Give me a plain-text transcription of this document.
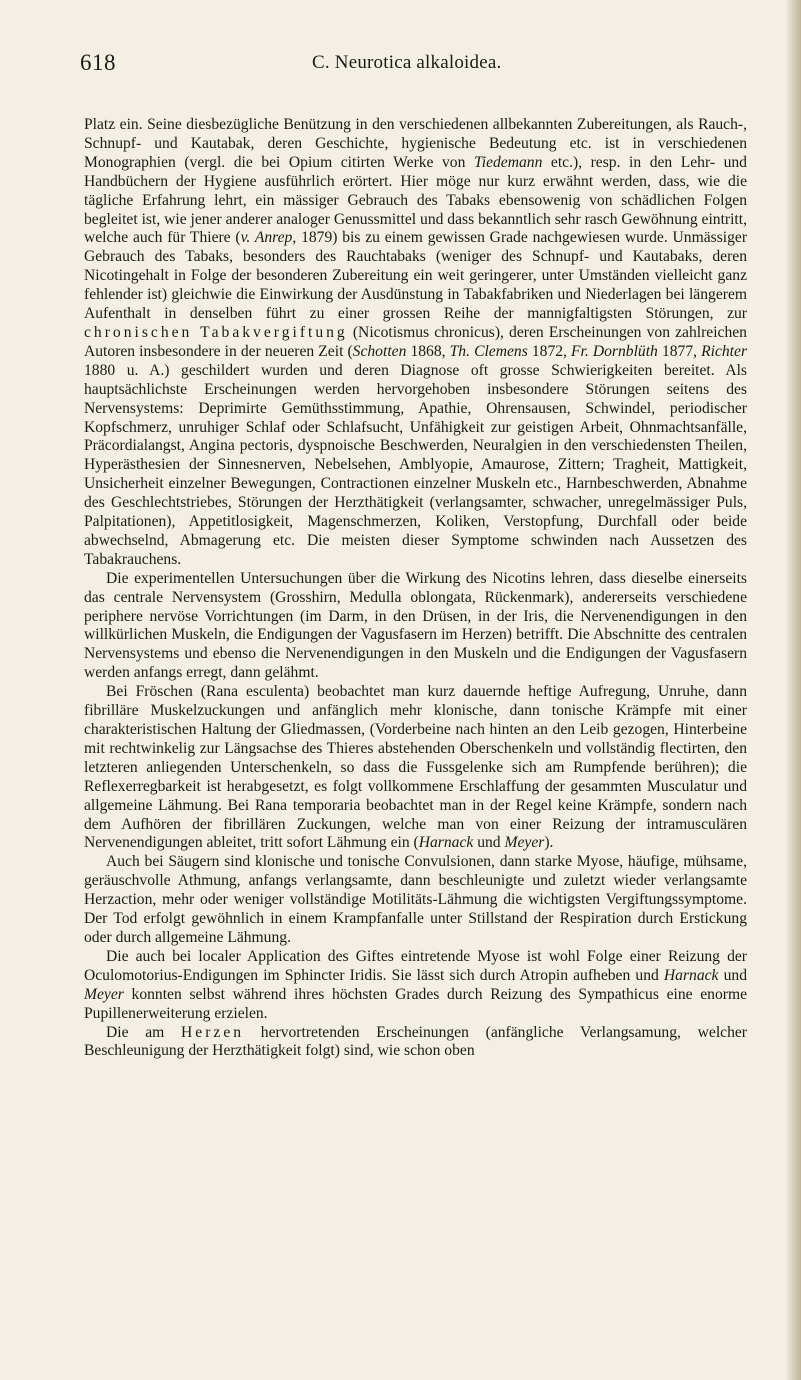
618	C. Neurotica alkaloidea.

Platz ein. Seine diesbezügliche Benützung in den verschiedenen allbekannten Zubereitungen, als Rauch-, Schnupf- und Kautabak, deren Geschichte, hygienische Bedeutung etc. ist in verschiedenen Monographien (vergl. die bei Opium citirten Werke von Tiedemann etc.), resp. in den Lehr- und Handbüchern der Hygiene ausführlich erörtert. Hier möge nur kurz erwähnt werden, dass, wie die tägliche Erfahrung lehrt, ein mässiger Gebrauch des Tabaks ebensowenig von schädlichen Folgen begleitet ist, wie jener anderer analoger Genussmittel und dass bekanntlich sehr rasch Gewöhnung eintritt, welche auch für Thiere (v. Anrep, 1879) bis zu einem gewissen Grade nachgewiesen wurde. Unmässiger Gebrauch des Tabaks, besonders des Rauchtabaks (weniger des Schnupf- und Kautabaks, deren Nicotingehalt in Folge der besonderen Zubereitung ein weit geringerer, unter Umständen vielleicht ganz fehlender ist) gleichwie die Einwirkung der Ausdünstung in Tabakfabriken und Niederlagen bei längerem Aufenthalt in denselben führt zu einer grossen Reihe der mannigfaltigsten Störungen, zur chronischen Tabakvergiftung (Nicotismus chronicus), deren Erscheinungen von zahlreichen Autoren insbesondere in der neueren Zeit (Schotten 1868, Th. Clemens 1872, Fr. Dornblüth 1877, Richter 1880 u. A.) geschildert wurden und deren Diagnose oft grosse Schwierigkeiten bereitet. Als hauptsächlichste Erscheinungen werden hervorgehoben insbesondere Störungen seitens des Nervensystems: Deprimirte Gemüthsstimmung, Apathie, Ohrensausen, Schwindel, periodischer Kopfschmerz, unruhiger Schlaf oder Schlafsucht, Unfähigkeit zur geistigen Arbeit, Ohnmachtsanfälle, Präcordialangst, Angina pectoris, dyspnoische Beschwerden, Neuralgien in den verschiedensten Theilen, Hyperästhesien der Sinnesnerven, Nebelsehen, Amblyopie, Amaurose, Zittern; Tragheit, Mattigkeit, Unsicherheit einzelner Bewegungen, Contractionen einzelner Muskeln etc., Harnbeschwerden, Abnahme des Geschlechtstriebes, Störungen der Herzthätigkeit (verlangsamter, schwacher, unregelmässiger Puls, Palpitationen), Appetitlosigkeit, Magenschmerzen, Koliken, Verstopfung, Durchfall oder beide abwechselnd, Abmagerung etc. Die meisten dieser Symptome schwinden nach Aussetzen des Tabakrauchens.

Die experimentellen Untersuchungen über die Wirkung des Nicotins lehren, dass dieselbe einerseits das centrale Nervensystem (Grosshirn, Medulla oblongata, Rückenmark), andererseits verschiedene periphere nervöse Vorrichtungen (im Darm, in den Drüsen, in der Iris, die Nervenendigungen in den willkürlichen Muskeln, die Endigungen der Vagusfasern im Herzen) betrifft. Die Abschnitte des centralen Nervensystems und ebenso die Nervenendigungen in den Muskeln und die Endigungen der Vagusfasern werden anfangs erregt, dann gelähmt.

Bei Fröschen (Rana esculenta) beobachtet man kurz dauernde heftige Aufregung, Unruhe, dann fibrilläre Muskelzuckungen und anfänglich mehr klonische, dann tonische Krämpfe mit einer charakteristischen Haltung der Gliedmassen, (Vorderbeine nach hinten an den Leib gezogen, Hinterbeine mit rechtwinkelig zur Längsachse des Thieres abstehenden Oberschenkeln und vollständig flectirten, den letzteren anliegenden Unterschenkeln, so dass die Fussgelenke sich am Rumpfende berühren); die Reflexerregbarkeit ist herabgesetzt, es folgt vollkommene Erschlaffung der gesammten Musculatur und allgemeine Lähmung. Bei Rana temporaria beobachtet man in der Regel keine Krämpfe, sondern nach dem Aufhören der fibrillären Zuckungen, welche man von einer Reizung der intramusculären Nervenendigungen ableitet, tritt sofort Lähmung ein (Harnack und Meyer).

Auch bei Säugern sind klonische und tonische Convulsionen, dann starke Myose, häufige, mühsame, geräuschvolle Athmung, anfangs verlangsamte, dann beschleunigte und zuletzt wieder verlangsamte Herzaction, mehr oder weniger vollständige Motilitäts-Lähmung die wichtigsten Vergiftungssymptome. Der Tod erfolgt gewöhnlich in einem Krampfanfalle unter Stillstand der Respiration durch Erstickung oder durch allgemeine Lähmung.

Die auch bei localer Application des Giftes eintretende Myose ist wohl Folge einer Reizung der Oculomotorius-Endigungen im Sphincter Iridis. Sie lässt sich durch Atropin aufheben und Harnack und Meyer konnten selbst während ihres höchsten Grades durch Reizung des Sympathicus eine enorme Pupillenerweiterung erzielen.

Die am Herzen hervortretenden Erscheinungen (anfängliche Verlangsamung, welcher Beschleunigung der Herzthätigkeit folgt) sind, wie schon oben
